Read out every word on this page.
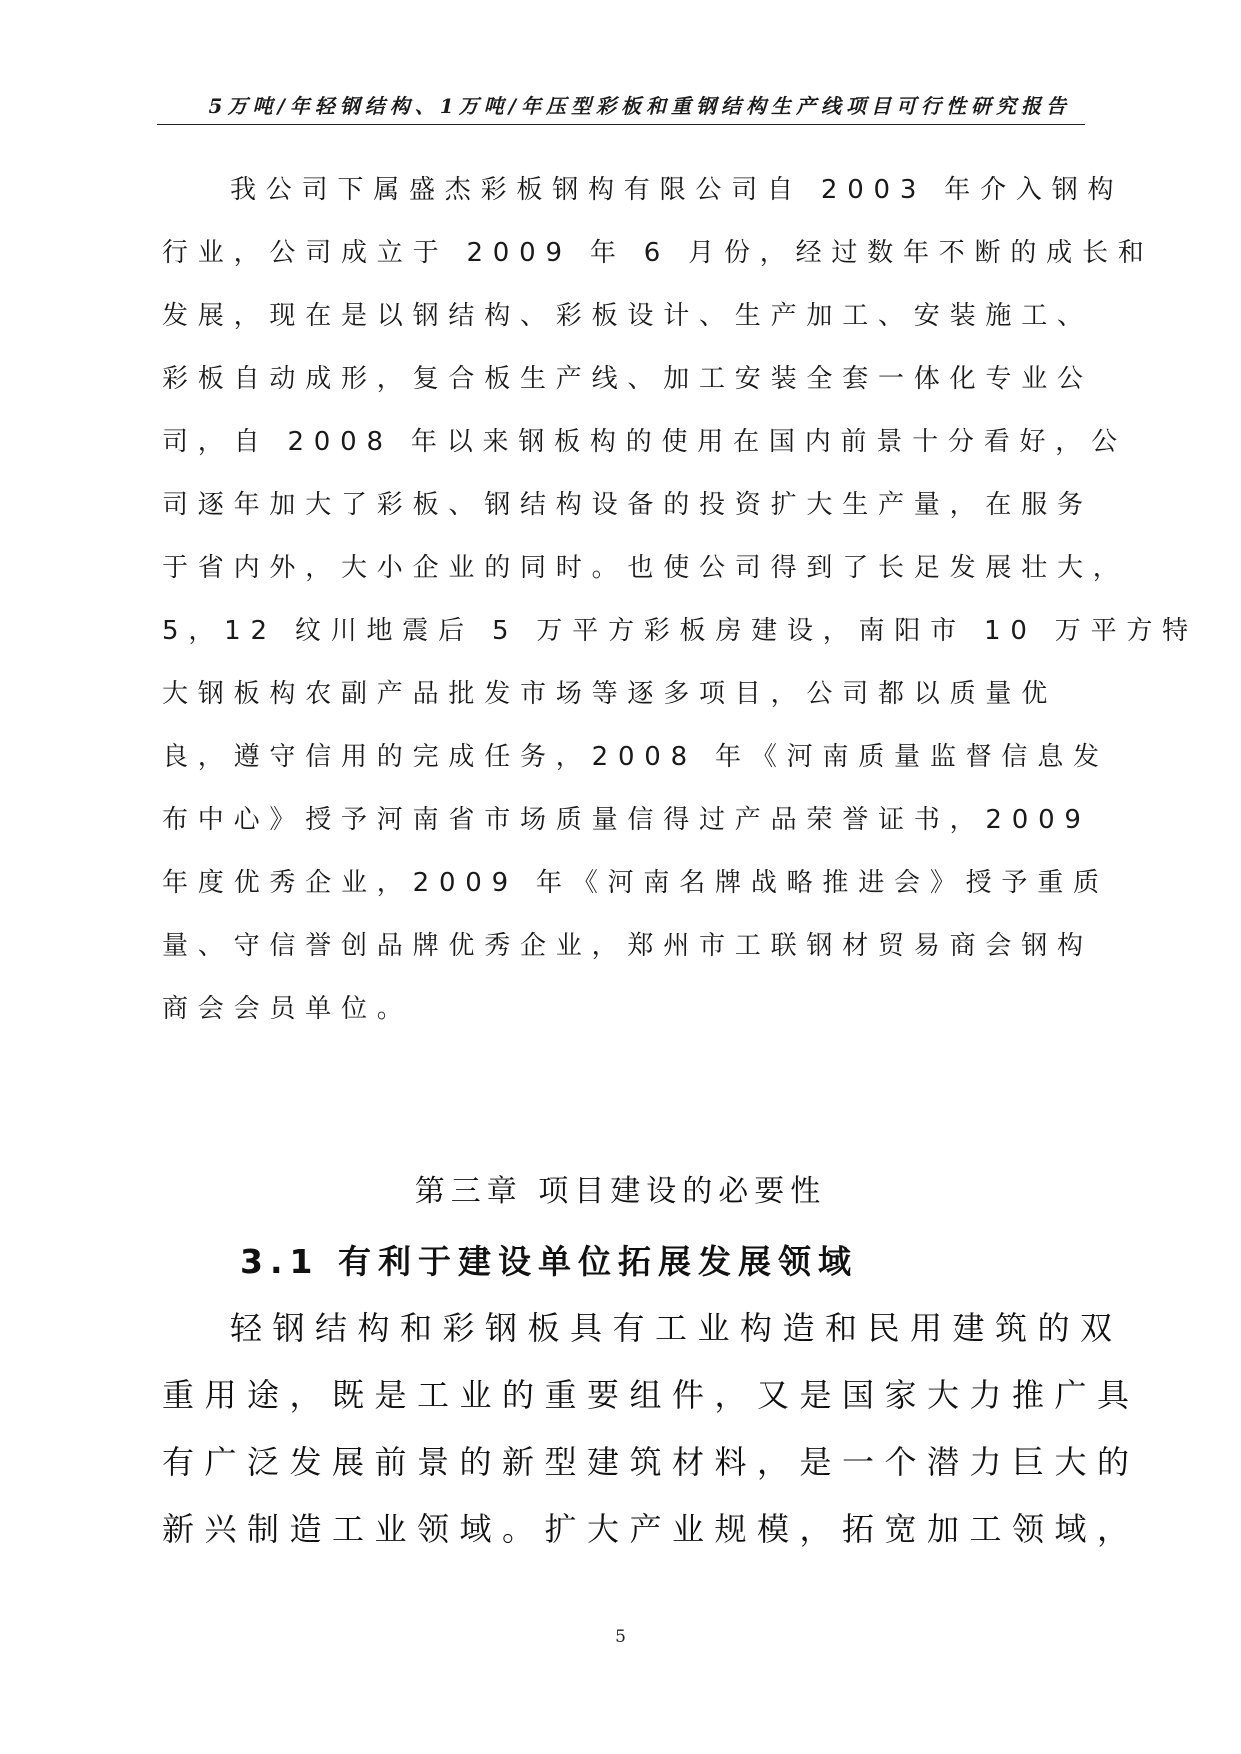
5万吨/年轻钢结构、1万吨/年压型彩板和重钢结构生产线项目可行性研究报告
我公司下属盛杰彩板钢构有限公司自 2003 年介入钢构
行业，公司成立于 2009 年 6 月份，经过数年不断的成长和
发展，现在是以钢结构、彩板设计、生产加工、安装施工、
彩板自动成形，复合板生产线、加工安装全套一体化专业公
司，自 2008 年以来钢板构的使用在国内前景十分看好，公
司逐年加大了彩板、钢结构设备的投资扩大生产量，在服务
于省内外，大小企业的同时。也使公司得到了长足发展壮大，
5，12 纹川地震后 5 万平方彩板房建设，南阳市 10 万平方特
大钢板构农副产品批发市场等逐多项目，公司都以质量优
良，遵守信用的完成任务，2008 年《河南质量监督信息发
布中心》授予河南省市场质量信得过产品荣誉证书，2009
年度优秀企业，2009 年《河南名牌战略推进会》授予重质
量、守信誉创品牌优秀企业，郑州市工联钢材贸易商会钢构
商会会员单位。
第三章 项目建设的必要性
3.1 有利于建设单位拓展发展领域
轻钢结构和彩钢板具有工业构造和民用建筑的双
重用途，既是工业的重要组件，又是国家大力推广具
有广泛发展前景的新型建筑材料，是一个潜力巨大的
新兴制造工业领域。扩大产业规模，拓宽加工领域，
5
